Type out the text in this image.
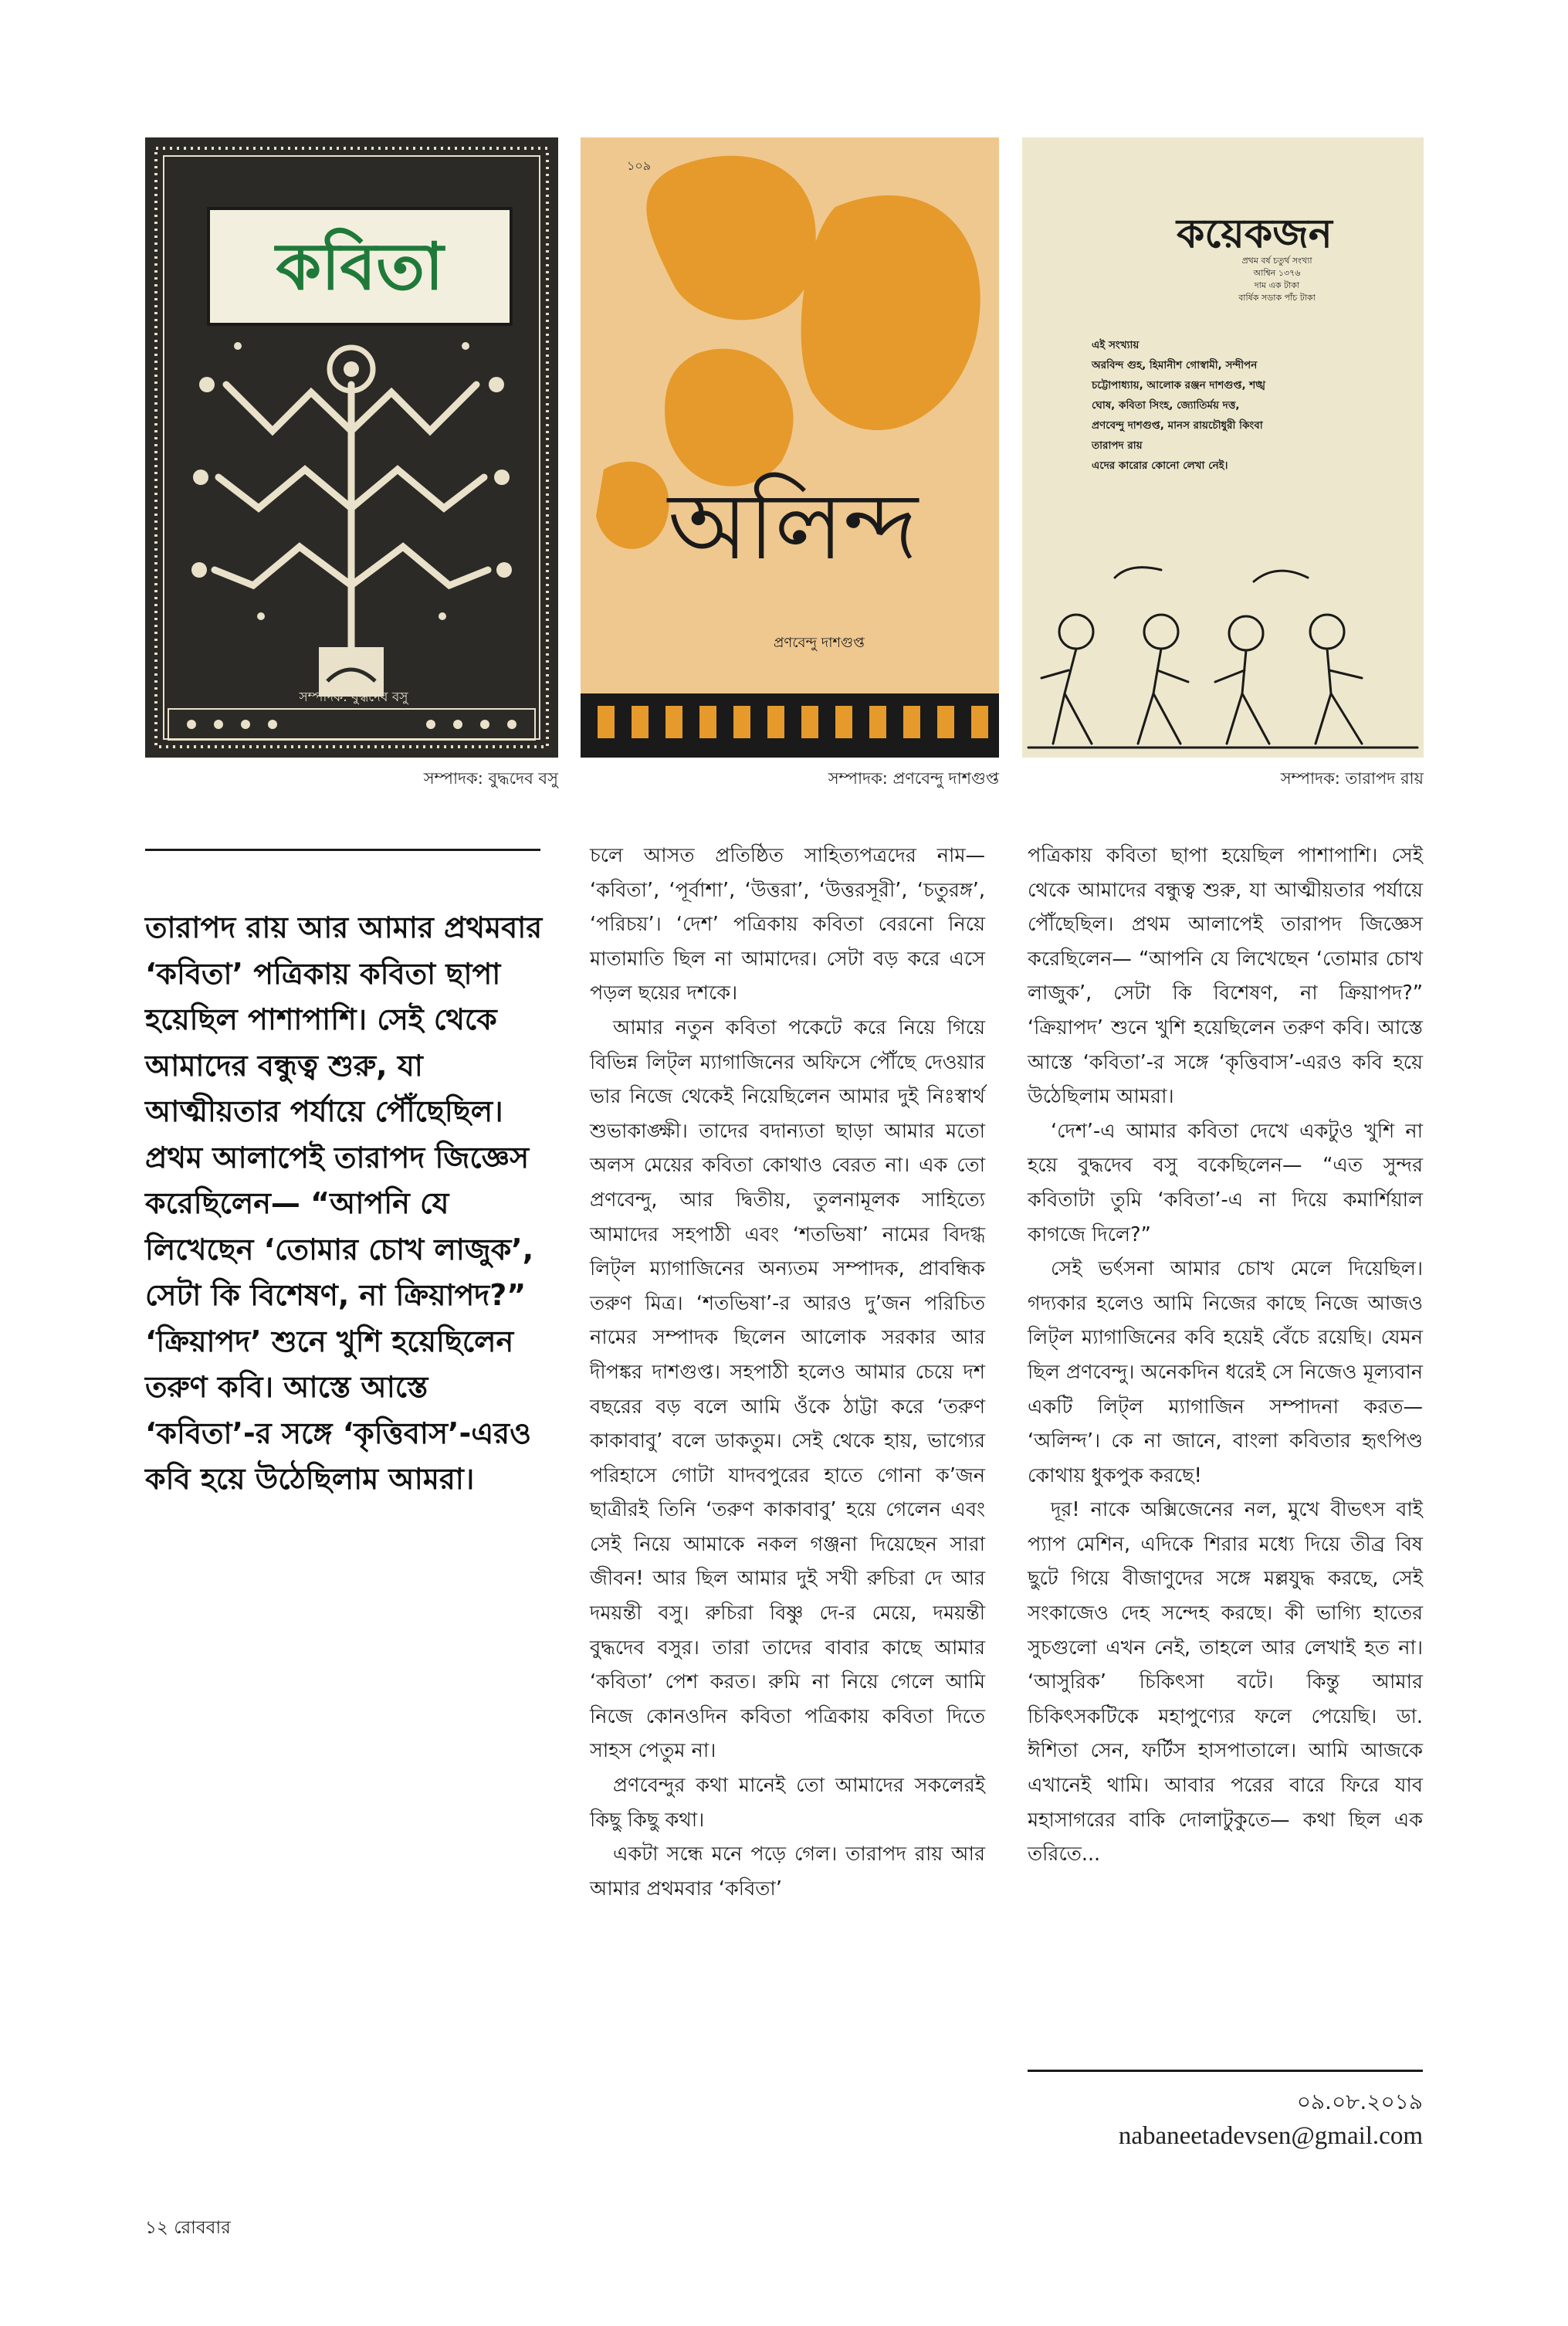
কবিতা
সম্পাদক: বুদ্ধদেব বসু
১০৯
অলিন্দ
প্রণবেন্দু দাশগুপ্ত
কয়েকজন
প্রথম বর্ষ চতুর্থ সংখ্যা
আশ্বিন ১৩৭৬
দাম এক টাকা
বার্ষিক সডাক পাঁচ টাকা
এই সংখ্যায়
অরবিন্দ গুহ, হিমানীশ গোস্বামী, সন্দীপন
চট্টোপাধ্যায়, আলোক রঞ্জন দাশগুপ্ত, শঙ্খ
ঘোষ, কবিতা সিংহ, জ্যোতির্ময় দত্ত,
প্রণবেন্দু দাশগুপ্ত, মানস রায়চৌধুরী কিংবা
তারাপদ রায়
এদের কারোর কোনো লেখা নেই।
সম্পাদক: বুদ্ধদেব বসু	সম্পাদক: প্রণবেন্দু দাশগুপ্ত	সম্পাদক: তারাপদ রায়
তারাপদ রায় আর আমার প্রথমবার ‘কবিতা’ পত্রিকায় কবিতা ছাপা হয়েছিল পাশাপাশি। সেই থেকে আমাদের বন্ধুত্ব শুরু, যা আত্মীয়তার পর্যায়ে পৌঁছেছিল। প্রথম আলাপেই তারাপদ জিজ্ঞেস করেছিলেন— “আপনি যে লিখেছেন ‘তোমার চোখ লাজুক’, সেটা কি বিশেষণ, না ক্রিয়াপদ?” ‘ক্রিয়াপদ’ শুনে খুশি হয়েছিলেন তরুণ কবি। আস্তে আস্তে ‘কবিতা’-র সঙ্গে ‘কৃত্তিবাস’-এরও কবি হয়ে উঠেছিলাম আমরা।

চলে আসত প্রতিষ্ঠিত সাহিত্যপত্রদের নাম— ‘কবিতা’, ‘পূর্বাশা’, ‘উত্তরা’, ‘উত্তরসূরী’, ‘চতুরঙ্গ’, ‘পরিচয়’। ‘দেশ’ পত্রিকায় কবিতা বেরনো নিয়ে মাতামাতি ছিল না আমাদের। সেটা বড় করে এসে পড়ল ছয়ের দশকে।

আমার নতুন কবিতা পকেটে করে নিয়ে গিয়ে বিভিন্ন লিট্‌ল ম্যাগাজিনের অফিসে পৌঁছে দেওয়ার ভার নিজে থেকেই নিয়েছিলেন আমার দুই নিঃস্বার্থ শুভাকাঙ্ক্ষী। তাদের বদান্যতা ছাড়া আমার মতো অলস মেয়ের কবিতা কোথাও বেরত না। এক তো প্রণবেন্দু, আর দ্বিতীয়, তুলনামূলক সাহিত্যে আমাদের সহপাঠী এবং ‘শতভিষা’ নামের বিদগ্ধ লিট্‌ল ম্যাগাজিনের অন্যতম সম্পাদক, প্রাবন্ধিক তরুণ মিত্র। ‘শতভিষা’-র আরও দু’জন পরিচিত নামের সম্পাদক ছিলেন আলোক সরকার আর দীপঙ্কর দাশগুপ্ত। সহপাঠী হলেও আমার চেয়ে দশ বছরের বড় বলে আমি ওঁকে ঠাট্টা করে ‘তরুণ কাকাবাবু’ বলে ডাকতুম। সেই থেকে হায়, ভাগ্যের পরিহাসে গোটা যাদবপুরের হাতে গোনা ক’জন ছাত্রীরই তিনি ‘তরুণ কাকাবাবু’ হয়ে গেলেন এবং সেই নিয়ে আমাকে নকল গঞ্জনা দিয়েছেন সারা জীবন! আর ছিল আমার দুই সখী রুচিরা দে আর দময়ন্তী বসু। রুচিরা বিষ্ণু দে-র মেয়ে, দময়ন্তী বুদ্ধদেব বসুর। তারা তাদের বাবার কাছে আমার ‘কবিতা’ পেশ করত। রুমি না নিয়ে গেলে আমি নিজে কোনওদিন কবিতা পত্রিকায় কবিতা দিতে সাহস পেতুম না।

প্রণবেন্দুর কথা মানেই তো আমাদের সকলেরই কিছু কিছু কথা।

একটা সন্ধে মনে পড়ে গেল। তারাপদ রায় আর আমার প্রথমবার ‘কবিতা’

পত্রিকায় কবিতা ছাপা হয়েছিল পাশাপাশি। সেই থেকে আমাদের বন্ধুত্ব শুরু, যা আত্মীয়তার পর্যায়ে পৌঁছেছিল। প্রথম আলাপেই তারাপদ জিজ্ঞেস করেছিলেন— “আপনি যে লিখেছেন ‘তোমার চোখ লাজুক’, সেটা কি বিশেষণ, না ক্রিয়াপদ?” ‘ক্রিয়াপদ’ শুনে খুশি হয়েছিলেন তরুণ কবি। আস্তে আস্তে ‘কবিতা’-র সঙ্গে ‘কৃত্তিবাস’-এরও কবি হয়ে উঠেছিলাম আমরা।

‘দেশ’-এ আমার কবিতা দেখে একটুও খুশি না হয়ে বুদ্ধদেব বসু বকেছিলেন— “এত সুন্দর কবিতাটা তুমি ‘কবিতা’-এ না দিয়ে কমার্শিয়াল কাগজে দিলে?”

সেই ভর্ৎসনা আমার চোখ মেলে দিয়েছিল। গদ্যকার হলেও আমি নিজের কাছে নিজে আজও লিট্‌ল ম্যাগাজিনের কবি হয়েই বেঁচে রয়েছি। যেমন ছিল প্রণবেন্দু। অনেকদিন ধরেই সে নিজেও মূল্যবান একটি লিট্‌ল ম্যাগাজিন সম্পাদনা করত— ‘অলিন্দ’। কে না জানে, বাংলা কবিতার হৃৎপিণ্ড কোথায় ধুকপুক করছে!

দূর! নাকে অক্সিজেনের নল, মুখে বীভৎস বাই প্যাপ মেশিন, এদিকে শিরার মধ্যে দিয়ে তীব্র বিষ ছুটে গিয়ে বীজাণুদের সঙ্গে মল্লযুদ্ধ করছে, সেই সংকাজেও দেহ সন্দেহ করছে। কী ভাগ্যি হাতের সুচগুলো এখন নেই, তাহলে আর লেখাই হত না। ‘আসুরিক’ চিকিৎসা বটে। কিন্তু আমার চিকিৎসকটিকে মহাপুণ্যের ফলে পেয়েছি। ডা. ঈশিতা সেন, ফর্টিস হাসপাতালে। আমি আজকে এখানেই থামি। আবার পরের বারে ফিরে যাব মহাসাগরের বাকি দোলাটুকুতে— কথা ছিল এক তরিতে...

০৯.০৮.২০১৯
nabaneetadevsen@gmail.com
১২ রোববার
